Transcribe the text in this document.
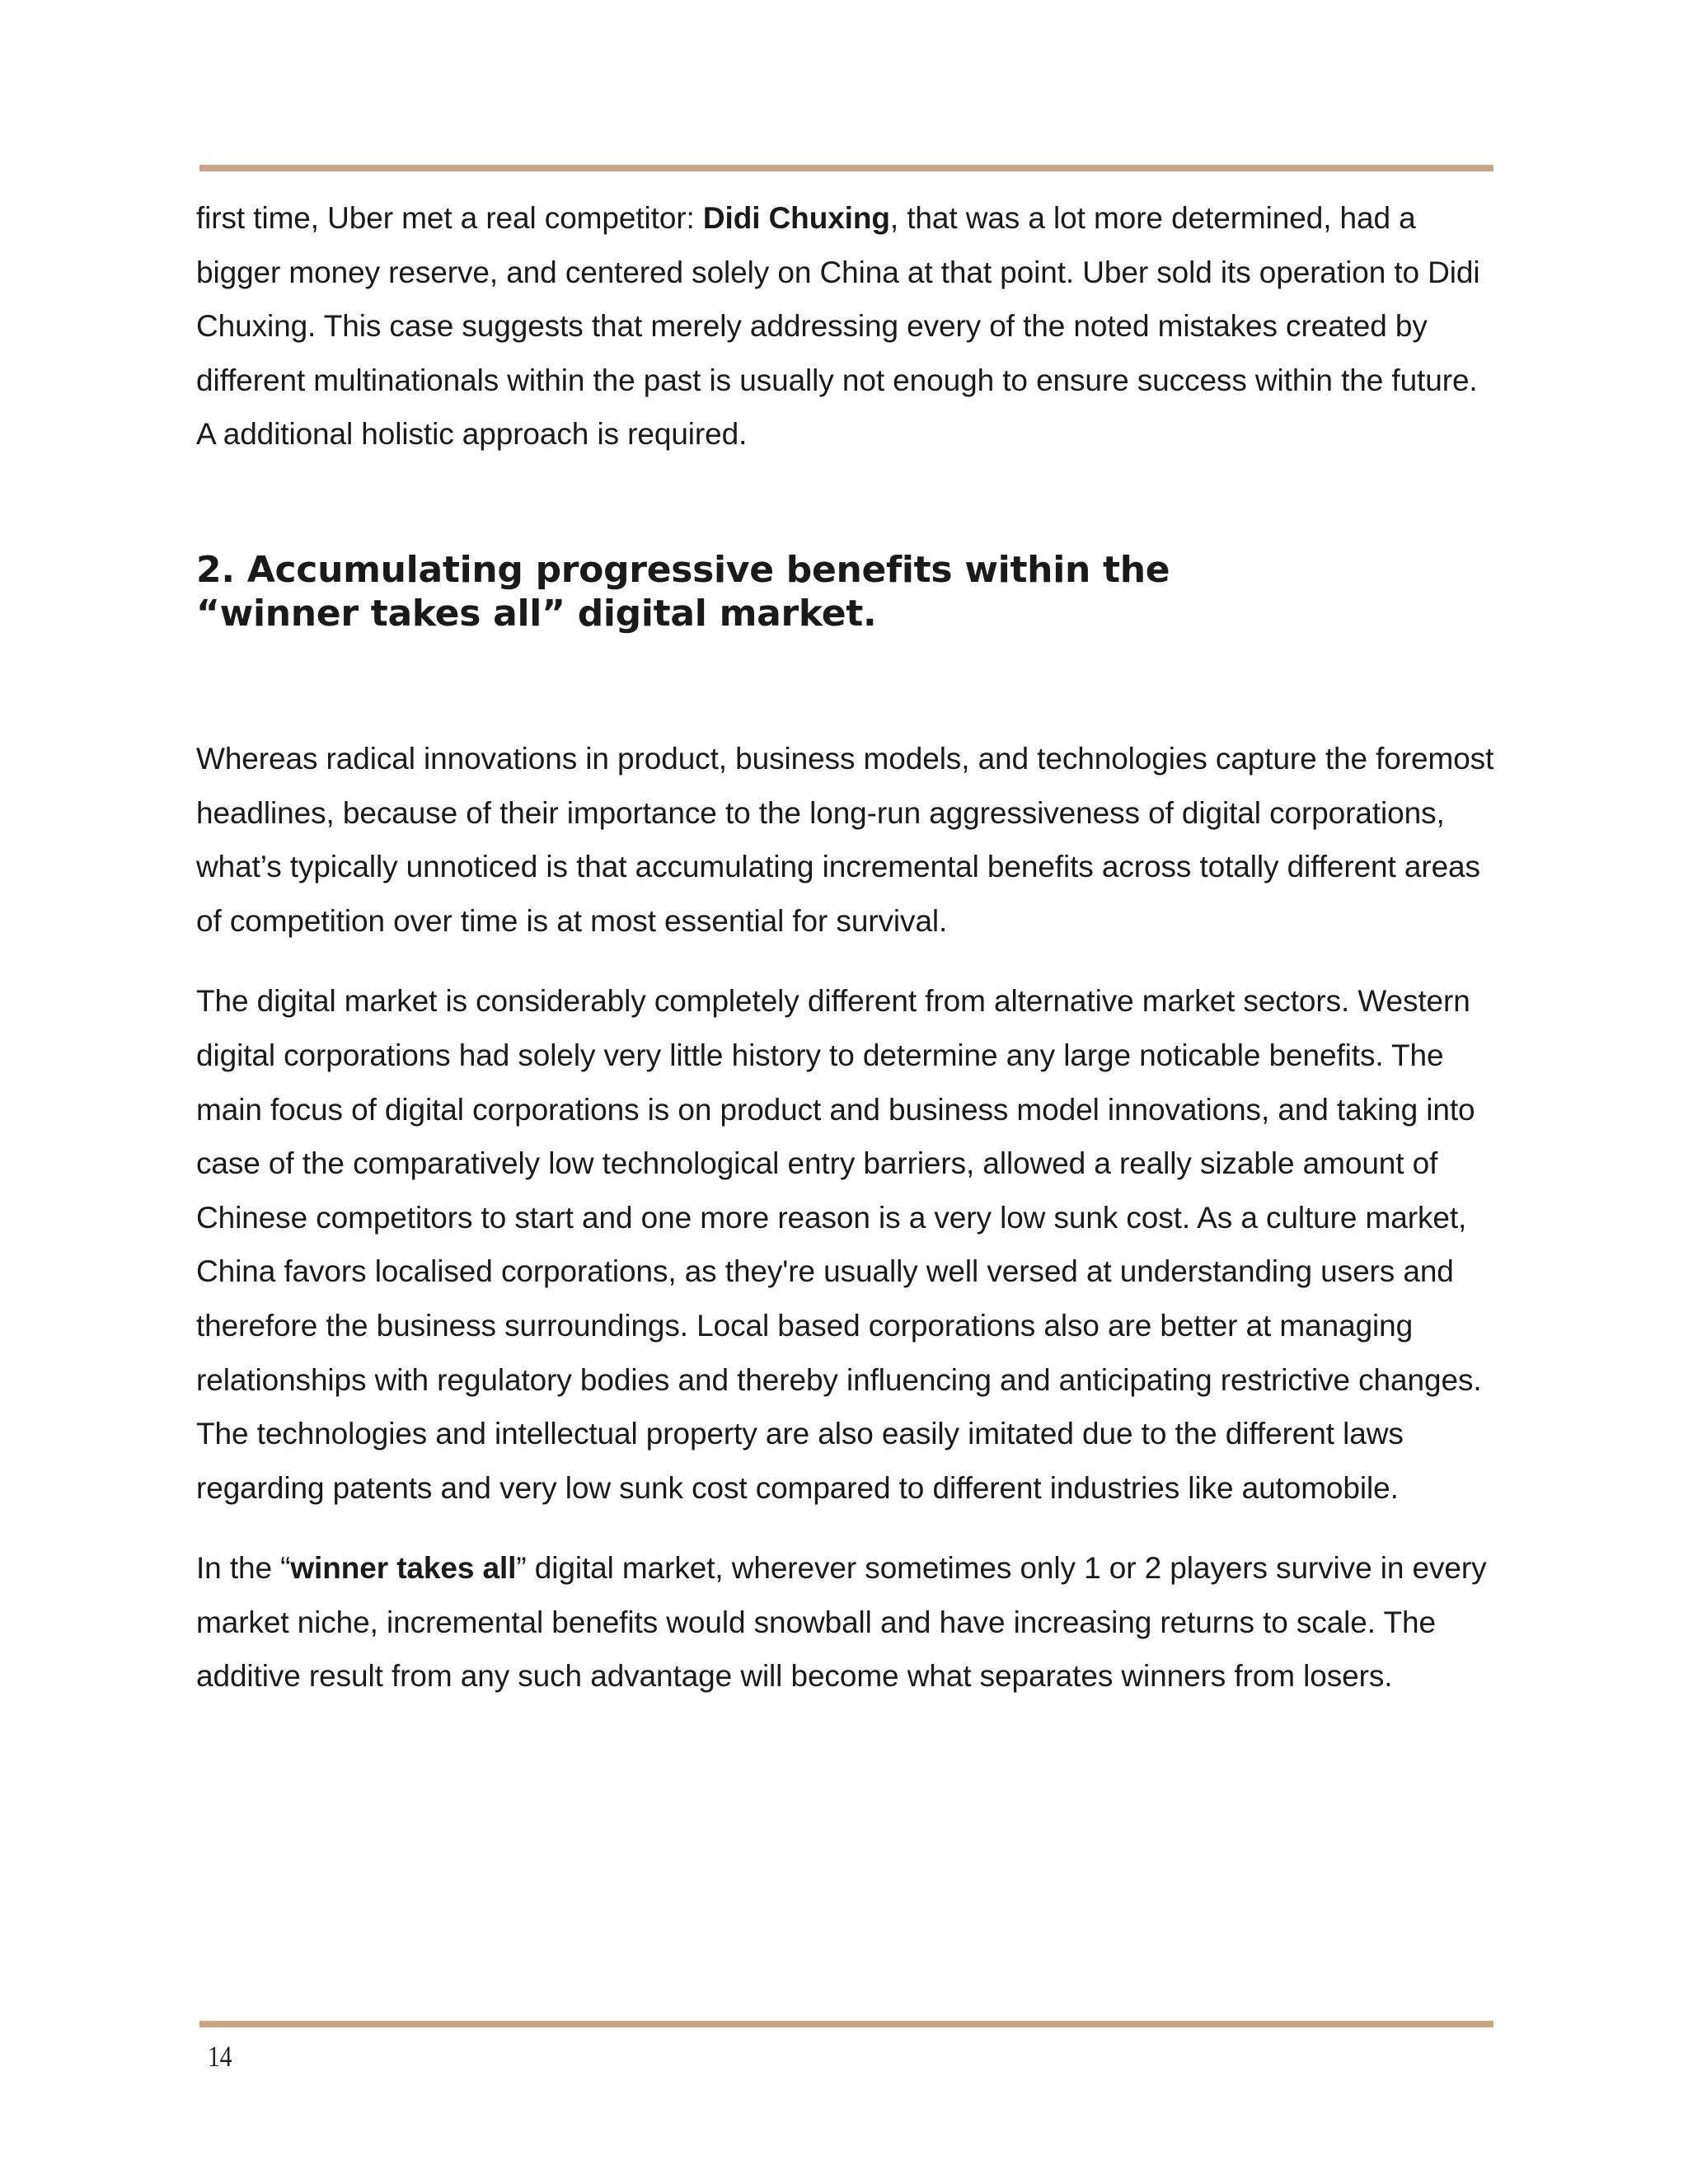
first time, Uber met a real competitor: Didi Chuxing, that was a lot more determined, had a bigger money reserve, and centered solely on China at that point. Uber sold its operation to Didi Chuxing. This case suggests that merely addressing every of the noted mistakes created by different multinationals within the past is usually not enough to ensure success within the future. A additional holistic approach is required.

2. Accumulating progressive benefits within the “winner takes all” digital market.

Whereas radical innovations in product, business models, and technologies capture the foremost headlines, because of their importance to the long-run aggressiveness of digital corporations, what’s typically unnoticed is that accumulating incremental benefits across totally different areas of competition over time is at most essential for survival.

The digital market is considerably completely different from alternative market sectors. Western digital corporations had solely very little history to determine any large noticable benefits. The main focus of digital corporations is on product and business model innovations, and taking into case of the comparatively low technological entry barriers, allowed a really sizable amount of Chinese competitors to start and one more reason is a very low sunk cost. As a culture market, China favors localised corporations, as they're usually well versed at understanding users and therefore the business surroundings. Local based corporations also are better at managing relationships with regulatory bodies and thereby influencing and anticipating restrictive changes. The technologies and intellectual property are also easily imitated due to the different laws regarding patents and very low sunk cost compared to different industries like automobile.

In the “winner takes all” digital market, wherever sometimes only 1 or 2 players survive in every market niche, incremental benefits would snowball and have increasing returns to scale. The additive result from any such advantage will become what separates winners from losers.

14
